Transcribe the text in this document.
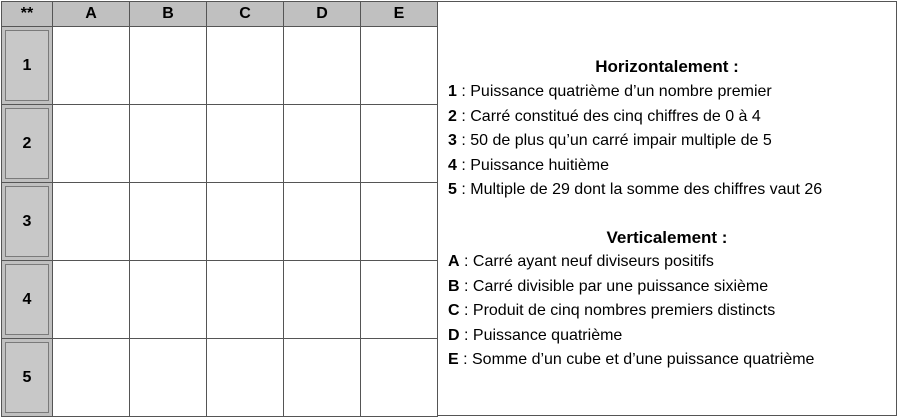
**	A	B	C	D	E

1					

2					

3					

4					

5					

Horizontalement :
1 : Puissance quatrième d’un nombre premier
2 : Carré constitué des cinq chiffres de 0 à 4
3 : 50 de plus qu’un carré impair multiple de 5
4 : Puissance huitième
5 : Multiple de 29 dont la somme des chiffres vaut 26
Verticalement :
A : Carré ayant neuf diviseurs positifs
B : Carré divisible par une puissance sixième
C : Produit de cinq nombres premiers distincts
D : Puissance quatrième
E : Somme d’un cube et d’une puissance quatrième
